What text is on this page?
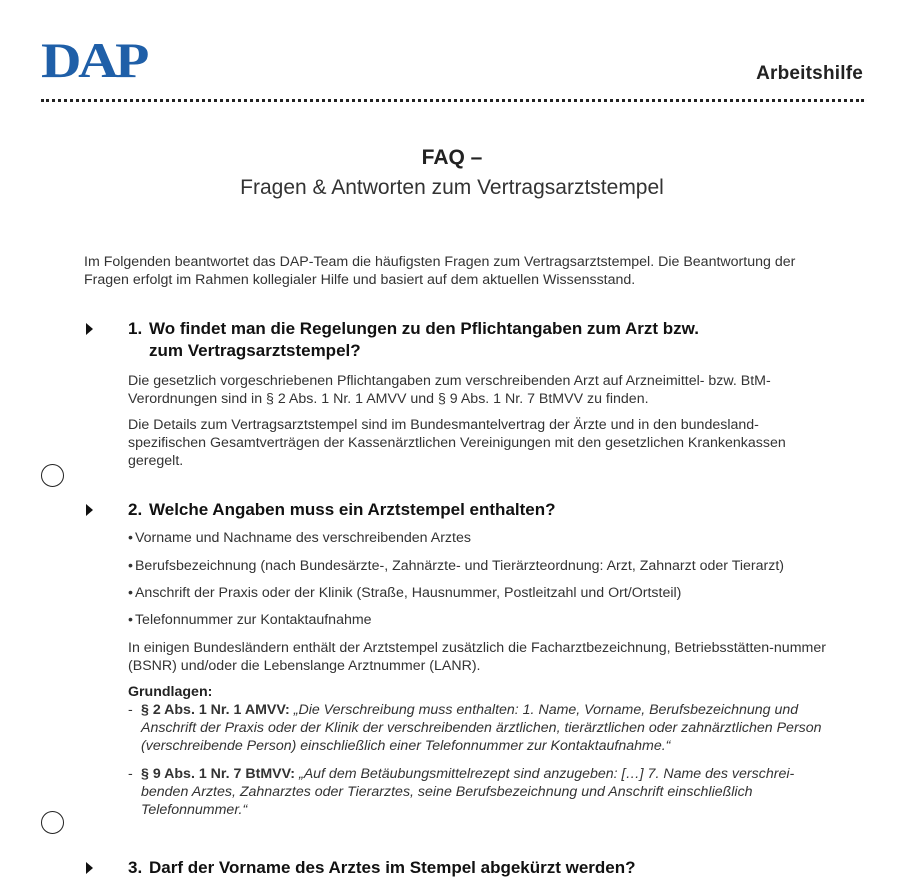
DAP	Arbeitshilfe
FAQ –
Fragen & Antworten zum Vertragsarztstempel
Im Folgenden beantwortet das DAP-Team die häufigsten Fragen zum Vertragsarztstempel. Die Beantwortung der Fragen erfolgt im Rahmen kollegialer Hilfe und basiert auf dem aktuellen Wissensstand.
1. Wo findet man die Regelungen zu den Pflichtangaben zum Arzt bzw.
zum Vertragsarztstempel?
Die gesetzlich vorgeschriebenen Pflichtangaben zum verschreibenden Arzt auf Arzneimittel- bzw. BtM-Verordnungen sind in § 2 Abs. 1 Nr. 1 AMVV und § 9 Abs. 1 Nr. 7 BtMVV zu finden.
Die Details zum Vertragsarztstempel sind im Bundesmantelvertrag der Ärzte und in den bundesland-spezifischen Gesamtverträgen der Kassenärztlichen Vereinigungen mit den gesetzlichen Krankenkassen geregelt.
2. Welche Angaben muss ein Arztstempel enthalten?
• Vorname und Nachname des verschreibenden Arztes
• Berufsbezeichnung (nach Bundesärzte-, Zahnärzte- und Tierärzteordnung: Arzt, Zahnarzt oder Tierarzt)
• Anschrift der Praxis oder der Klinik (Straße, Hausnummer, Postleitzahl und Ort/Ortsteil)
• Telefonnummer zur Kontaktaufnahme
In einigen Bundesländern enthält der Arztstempel zusätzlich die Facharztbezeichnung, Betriebsstätten-nummer (BSNR) und/oder die Lebenslange Arztnummer (LANR).
Grundlagen:
- § 2 Abs. 1 Nr. 1 AMVV: „Die Verschreibung muss enthalten: 1. Name, Vorname, Berufsbezeichnung und Anschrift der Praxis oder der Klinik der verschreibenden ärztlichen, tierärztlichen oder zahnärztlichen Person (verschreibende Person) einschließlich einer Telefonnummer zur Kontaktaufnahme.“
- § 9 Abs. 1 Nr. 7 BtMVV: „Auf dem Betäubungsmittelrezept sind anzugeben: […] 7. Name des verschrei-benden Arztes, Zahnarztes oder Tierarztes, seine Berufsbezeichnung und Anschrift einschließlich Telefonnummer.“
3. Darf der Vorname des Arztes im Stempel abgekürzt werden?
